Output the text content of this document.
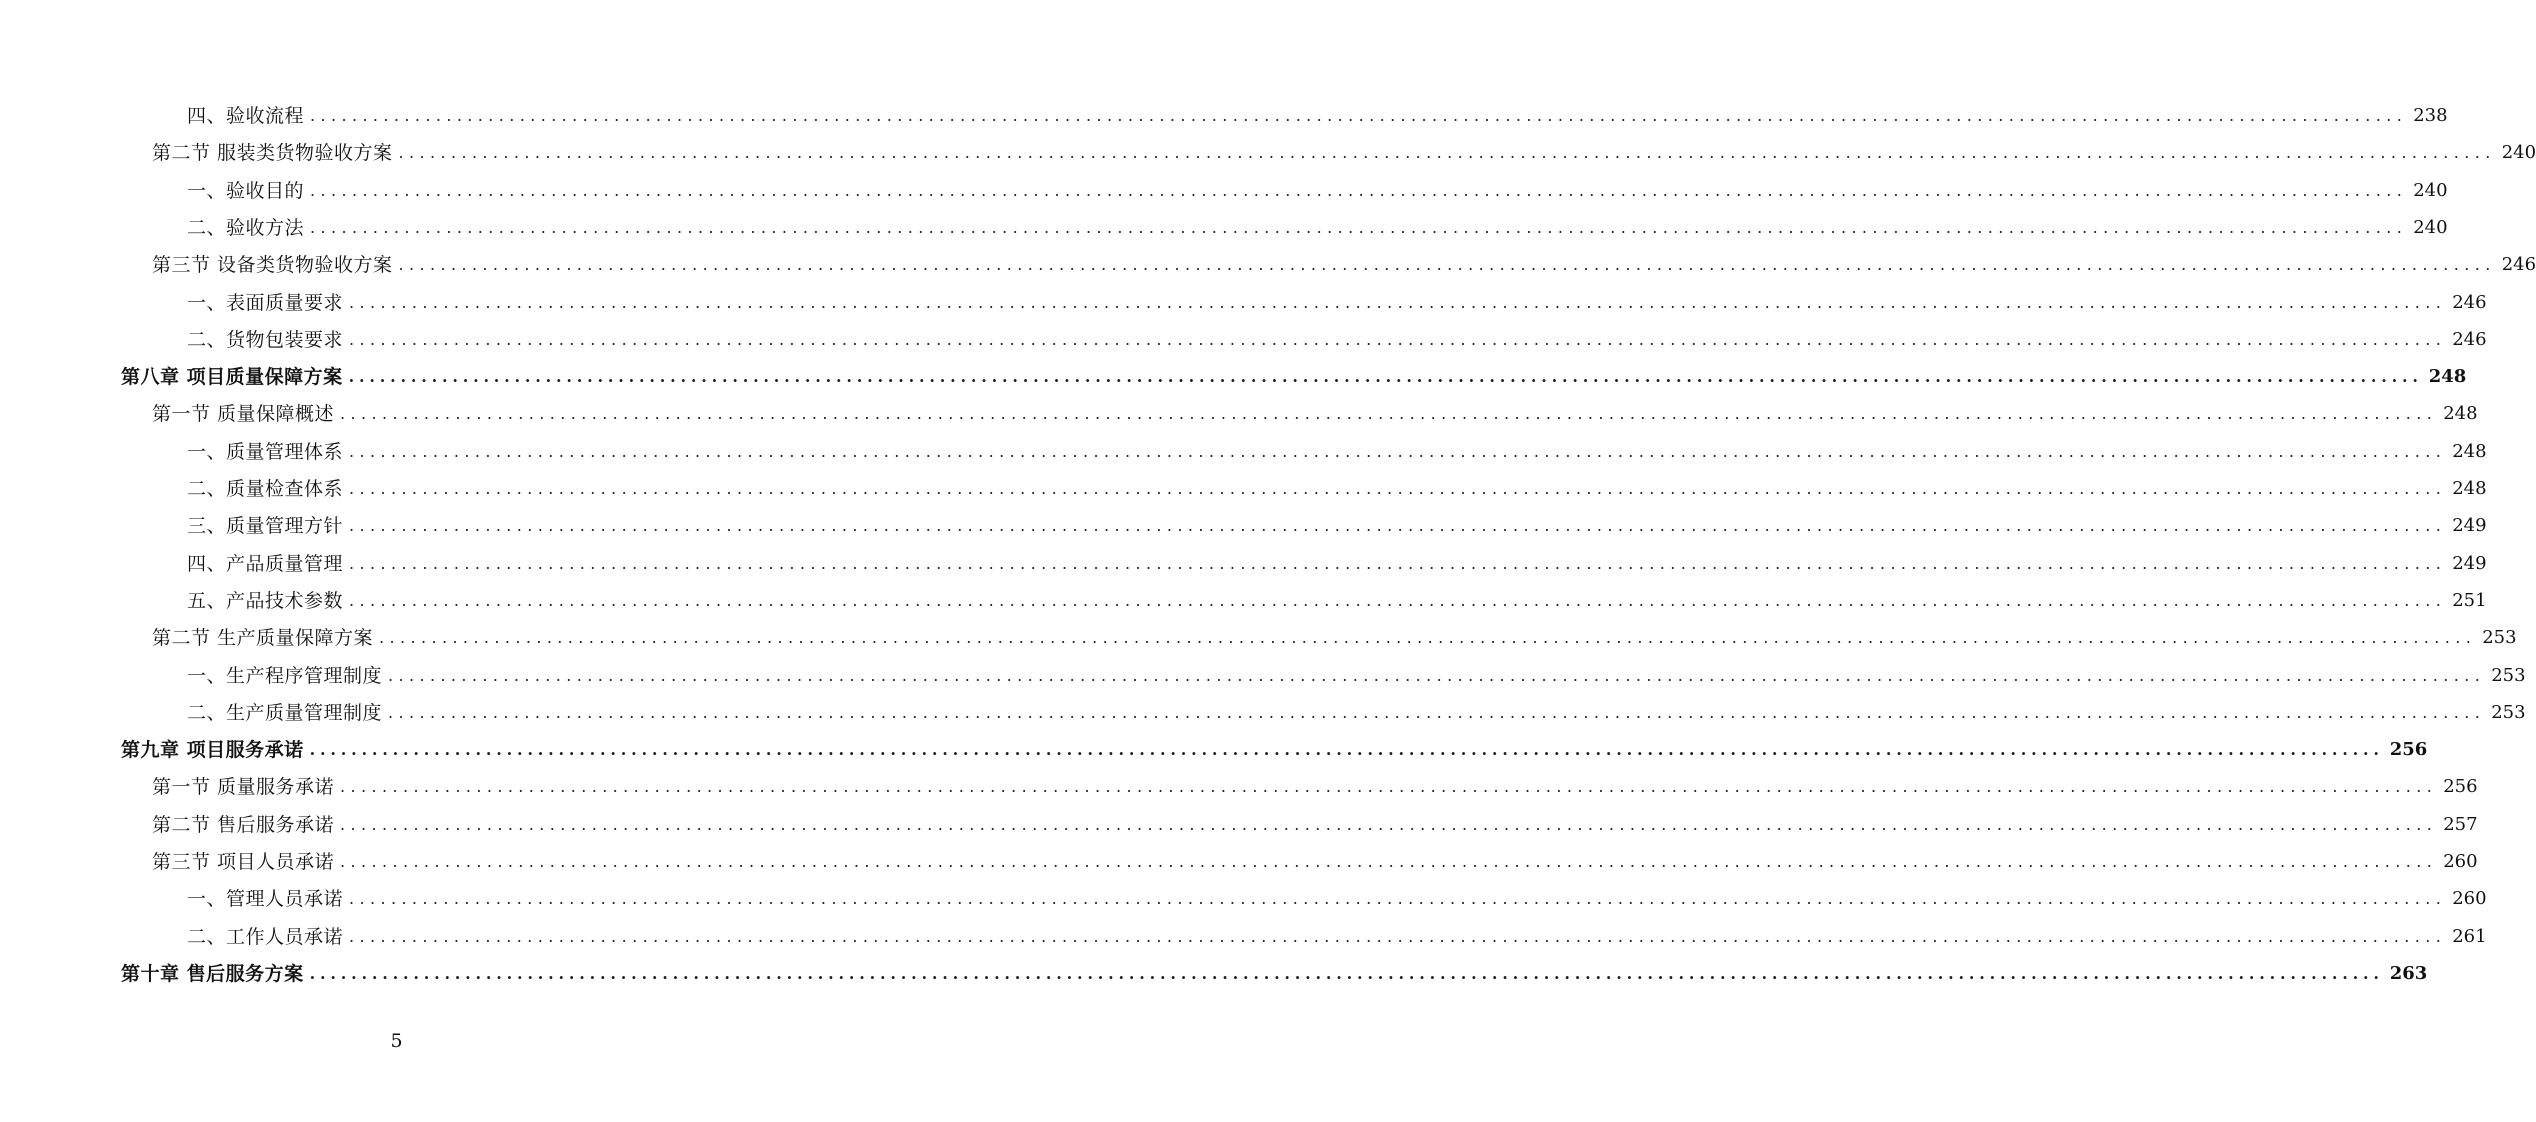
四、验收流程 ........................................................................................................................................................................................................ 238
第二节 服装类货物验收方案 ........................................................................................................................................................................................................ 240
一、验收目的 ........................................................................................................................................................................................................ 240
二、验收方法 ........................................................................................................................................................................................................ 240
第三节 设备类货物验收方案 ........................................................................................................................................................................................................ 246
一、表面质量要求 ........................................................................................................................................................................................................ 246
二、货物包装要求 ........................................................................................................................................................................................................ 246
第八章 项目质量保障方案 ........................................................................................................................................................................................................ 248
第一节 质量保障概述 ........................................................................................................................................................................................................ 248
一、质量管理体系 ........................................................................................................................................................................................................ 248
二、质量检查体系 ........................................................................................................................................................................................................ 248
三、质量管理方针 ........................................................................................................................................................................................................ 249
四、产品质量管理 ........................................................................................................................................................................................................ 249
五、产品技术参数 ........................................................................................................................................................................................................ 251
第二节 生产质量保障方案 ........................................................................................................................................................................................................ 253
一、生产程序管理制度 ........................................................................................................................................................................................................ 253
二、生产质量管理制度 ........................................................................................................................................................................................................ 253
第九章 项目服务承诺 ........................................................................................................................................................................................................ 256
第一节 质量服务承诺 ........................................................................................................................................................................................................ 256
第二节 售后服务承诺 ........................................................................................................................................................................................................ 257
第三节 项目人员承诺 ........................................................................................................................................................................................................ 260
一、管理人员承诺 ........................................................................................................................................................................................................ 260
二、工作人员承诺 ........................................................................................................................................................................................................ 261
第十章 售后服务方案 ........................................................................................................................................................................................................ 263
5
